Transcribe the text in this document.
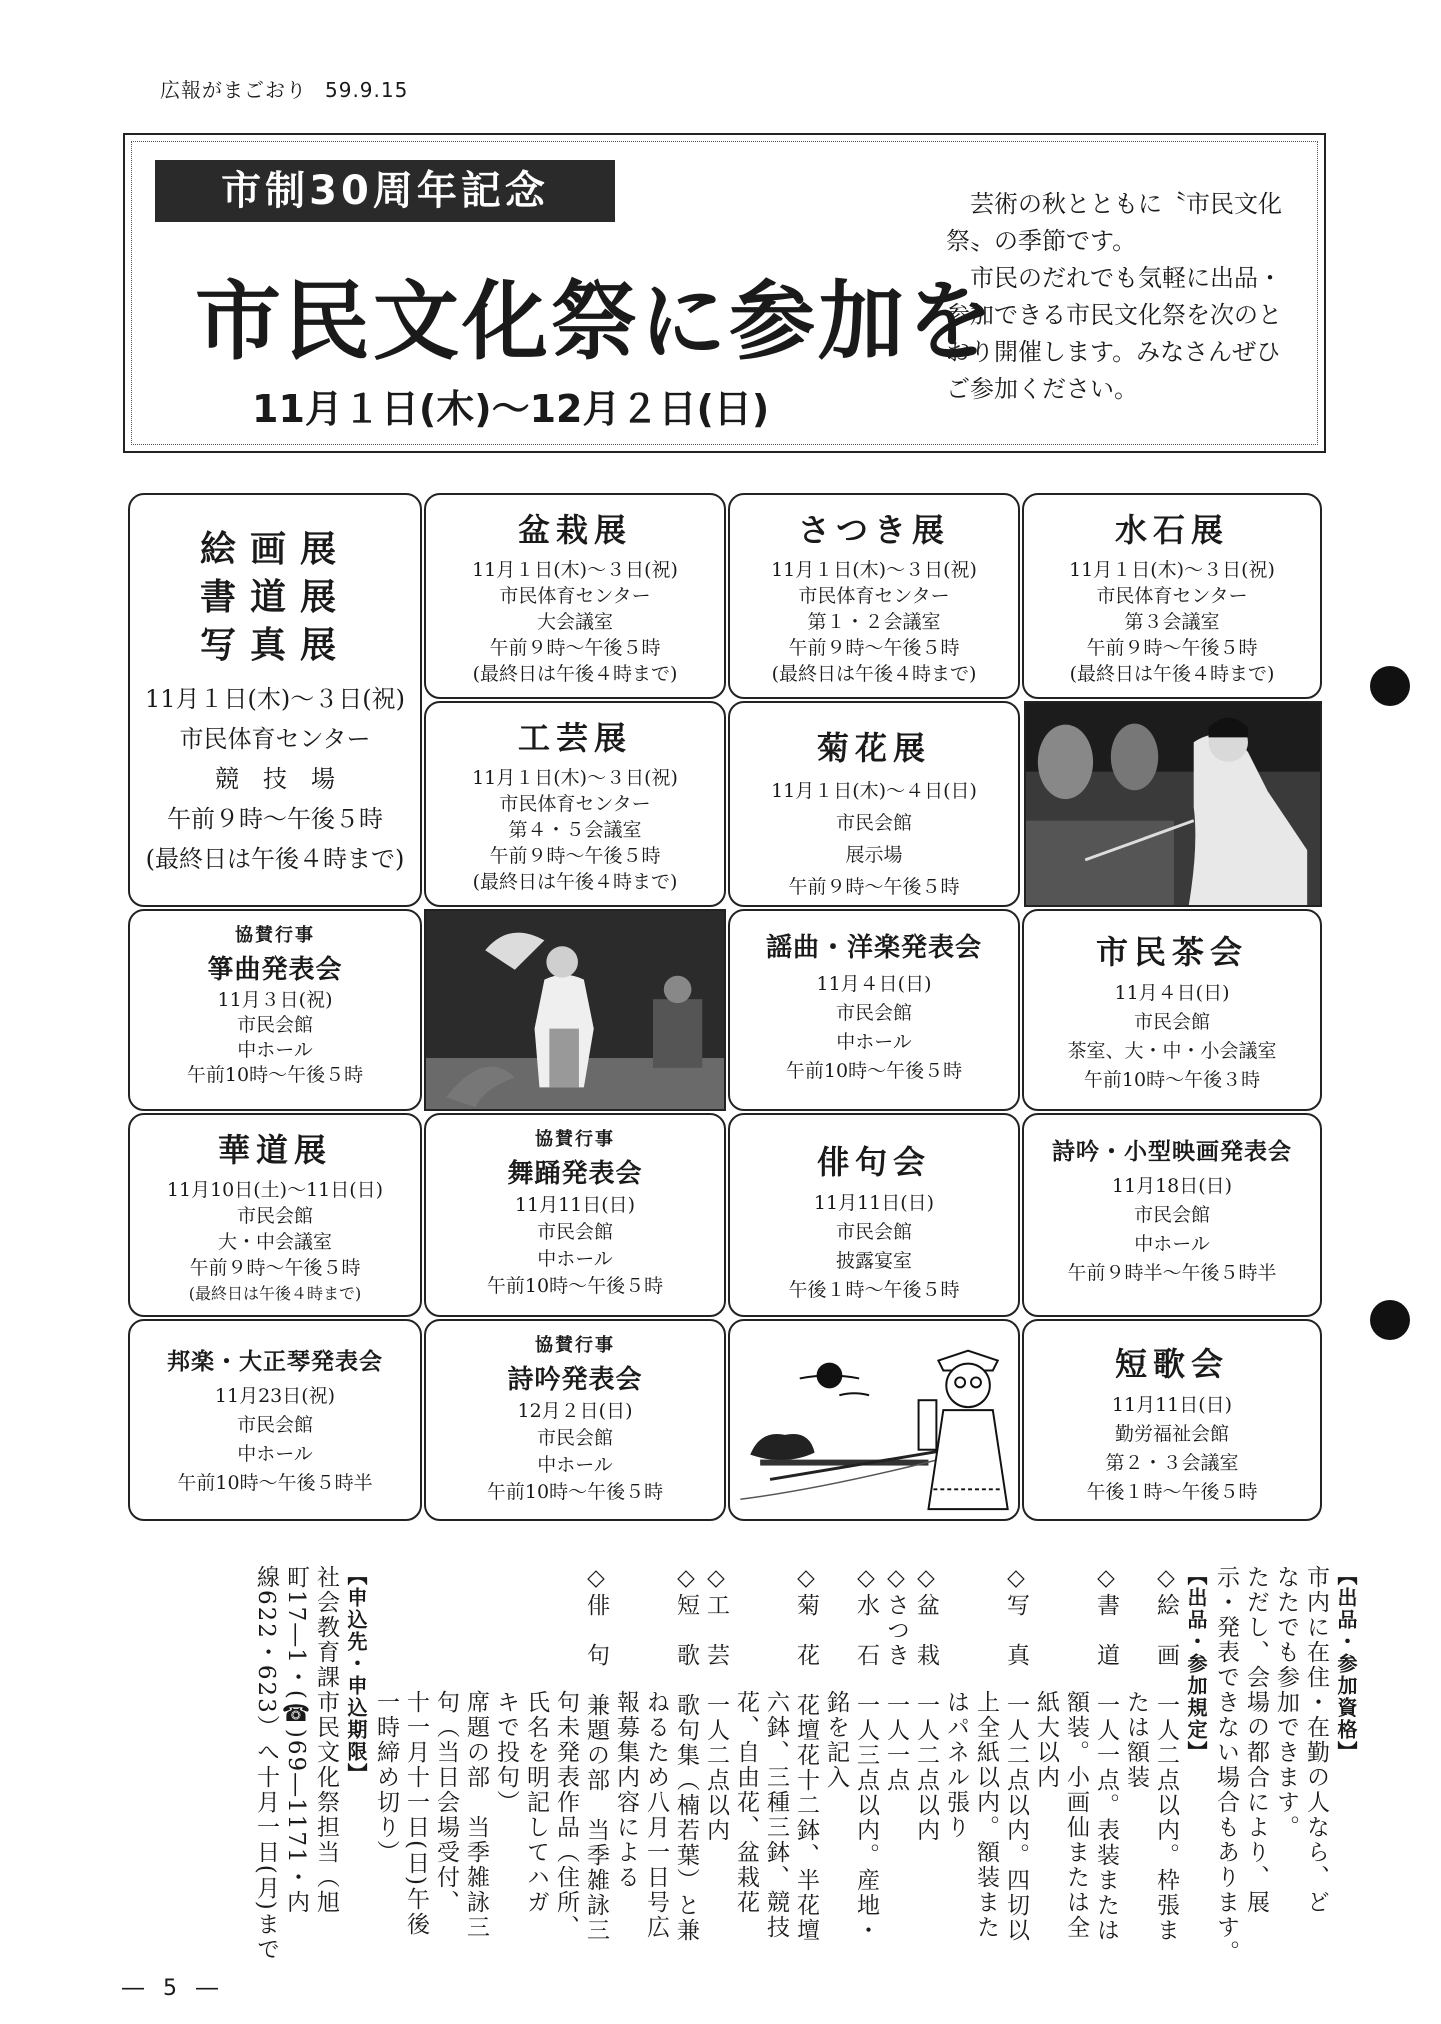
広報がまごおり 59.9.15
市制30周年記念
市民文化祭に参加を
11月１日(木)～12月２日(日)

　芸術の秋とともに〝市民文化祭〟の季節です。

　市民のだれでも気軽に出品・参加できる市民文化祭を次のとおり開催します。みなさんぜひご参加ください。

絵画展
書道展
写真展
11月１日(木)～３日(祝)
市民体育センター
競　技　場
午前９時～午後５時
(最終日は午後４時まで)
盆栽展
11月１日(木)～３日(祝)
市民体育センター
大会議室
午前９時～午後５時
(最終日は午後４時まで)
さつき展
11月１日(木)～３日(祝)
市民体育センター
第１・２会議室
午前９時～午後５時
(最終日は午後４時まで)
水石展
11月１日(木)～３日(祝)
市民体育センター
第３会議室
午前９時～午後５時
(最終日は午後４時まで)
工芸展
11月１日(木)～３日(祝)
市民体育センター
第４・５会議室
午前９時～午後５時
(最終日は午後４時まで)
菊花展
11月１日(木)～４日(日)
市民会館
展示場
午前９時～午後５時
協賛行事
箏曲発表会
11月３日(祝)
市民会館
中ホール
午前10時～午後５時
謡曲・洋楽発表会
11月４日(日)
市民会館
中ホール
午前10時～午後５時
市民茶会
11月４日(日)
市民会館
茶室、大・中・小会議室
午前10時～午後３時
華道展
11月10日(土)～11日(日)
市民会館
大・中会議室
午前９時～午後５時
(最終日は午後４時まで)
協賛行事
舞踊発表会
11月11日(日)
市民会館
中ホール
午前10時～午後５時
俳句会
11月11日(日)
市民会館
披露宴室
午後１時～午後５時
詩吟・小型映画発表会
11月18日(日)
市民会館
中ホール
午前９時半～午後５時半
邦楽・大正琴発表会
11月23日(祝)
市民会館
中ホール
午前10時～午後５時半
協賛行事
詩吟発表会
12月２日(日)
市民会館
中ホール
午前10時～午後５時
短歌会
11月11日(日)
勤労福祉会館
第２・３会議室
午後１時～午後５時
【出品・参加資格】
市内に在住・在勤の人なら、ど
なたでも参加できます。
ただし、会場の都合により、展
示・発表できない場合もあります。
【出品・参加規定】
◇絵　画　一人二点以内。枠張ま
　　　　　たは額装
◇書　道　一人一点。表装または
　　　　　額装。小画仙または全
　　　　　紙大以内
◇写　真　一人二点以内。四切以
　　　　　上全紙以内。額装また
　　　　　はパネル張り
◇盆　栽　一人二点以内
◇さつき　一人一点
◇水　石　一人三点以内。産地・
　　　　　銘を記入
◇菊　花　花壇花十二鉢、半花壇
　　　　　六鉢、三種三鉢、競技
　　　　　花、自由花、盆栽花
◇工　芸　一人二点以内
◇短　歌　歌句集（楠若葉）と兼
　　　　　ねるため八月一日号広
　　　　　報募集内容による
◇俳　句　兼題の部　当季雑詠三
　　　　　句未発表作品（住所、
　　　　　氏名を明記してハガ
　　　　　キで投句）
　　　　　席題の部　当季雑詠三
　　　　　句（当日会場受付、
　　　　　十一月十一日(日)午後
　　　　　一時締め切り）
【申込先・申込期限】
社会教育課市民文化祭担当（旭
町17―1・(☎)69―1171・内
線622・623）へ十月一日(月)まで
― 5 ―
